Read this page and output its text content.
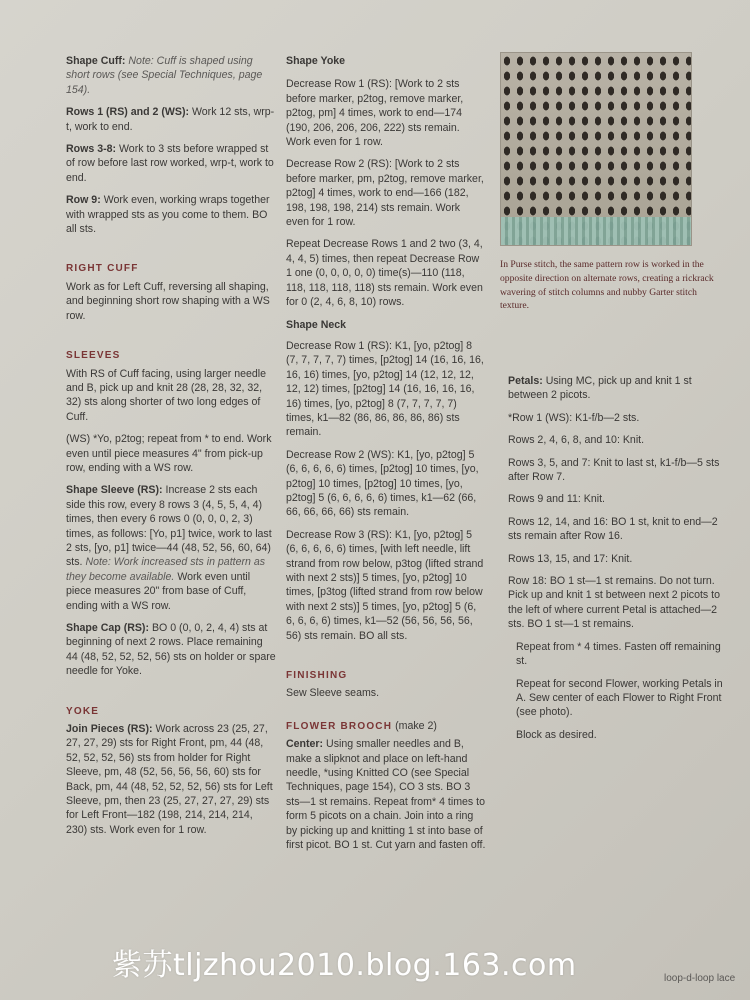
Shape Cuff: Note: Cuff is shaped using short rows (see Special Techniques, page 154).

Rows 1 (RS) and 2 (WS): Work 12 sts, wrp-t, work to end.

Rows 3-8: Work to 3 sts before wrapped st of row before last row worked, wrp-t, work to end.

Row 9: Work even, working wraps together with wrapped sts as you come to them. BO all sts.

RIGHT CUFF

Work as for Left Cuff, reversing all shaping, and beginning short row shaping with a WS row.

SLEEVES

With RS of Cuff facing, using larger needle and B, pick up and knit 28 (28, 28, 32, 32, 32) sts along shorter of two long edges of Cuff.

(WS) *Yo, p2tog; repeat from * to end. Work even until piece measures 4" from pick-up row, ending with a WS row.

Shape Sleeve (RS): Increase 2 sts each side this row, every 8 rows 3 (4, 5, 5, 4, 4) times, then every 6 rows 0 (0, 0, 0, 2, 3) times, as follows: [Yo, p1] twice, work to last 2 sts, [yo, p1] twice—44 (48, 52, 56, 60, 64) sts. Note: Work increased sts in pattern as they become available. Work even until piece measures 20" from base of Cuff, ending with a WS row.

Shape Cap (RS): BO 0 (0, 0, 2, 4, 4) sts at beginning of next 2 rows. Place remaining 44 (48, 52, 52, 52, 56) sts on holder or spare needle for Yoke.

YOKE

Join Pieces (RS): Work across 23 (25, 27, 27, 27, 29) sts for Right Front, pm, 44 (48, 52, 52, 52, 56) sts from holder for Right Sleeve, pm, 48 (52, 56, 56, 56, 60) sts for Back, pm, 44 (48, 52, 52, 52, 56) sts for Left Sleeve, pm, then 23 (25, 27, 27, 27, 29) sts for Left Front—182 (198, 214, 214, 214, 230) sts. Work even for 1 row.

Shape Yoke

Decrease Row 1 (RS): [Work to 2 sts before marker, p2tog, remove marker, p2tog, pm] 4 times, work to end—174 (190, 206, 206, 206, 222) sts remain. Work even for 1 row.

Decrease Row 2 (RS): [Work to 2 sts before marker, pm, p2tog, remove marker, p2tog] 4 times, work to end—166 (182, 198, 198, 198, 214) sts remain. Work even for 1 row.

Repeat Decrease Rows 1 and 2 two (3, 4, 4, 4, 5) times, then repeat Decrease Row 1 one (0, 0, 0, 0, 0) time(s)—110 (118, 118, 118, 118, 118) sts remain. Work even for 0 (2, 4, 6, 8, 10) rows.

Shape Neck

Decrease Row 1 (RS): K1, [yo, p2tog] 8 (7, 7, 7, 7, 7) times, [p2tog] 14 (16, 16, 16, 16, 16) times, [yo, p2tog] 14 (12, 12, 12, 12, 12) times, [p2tog] 14 (16, 16, 16, 16, 16) times, [yo, p2tog] 8 (7, 7, 7, 7, 7) times, k1—82 (86, 86, 86, 86, 86) sts remain.

Decrease Row 2 (WS): K1, [yo, p2tog] 5 (6, 6, 6, 6, 6) times, [p2tog] 10 times, [yo, p2tog] 10 times, [p2tog] 10 times, [yo, p2tog] 5 (6, 6, 6, 6, 6) times, k1—62 (66, 66, 66, 66, 66) sts remain.

Decrease Row 3 (RS): K1, [yo, p2tog] 5 (6, 6, 6, 6, 6) times, [with left needle, lift strand from row below, p3tog (lifted strand with next 2 sts)] 5 times, [yo, p2tog] 10 times, [p3tog (lifted strand from row below with next 2 sts)] 5 times, [yo, p2tog] 5 (6, 6, 6, 6, 6) times, k1—52 (56, 56, 56, 56, 56) sts remain. BO all sts.

FINISHING

Sew Sleeve seams.

FLOWER BROOCH (make 2)

Center: Using smaller needles and B, make a slipknot and place on left-hand needle, *using Knitted CO (see Special Techniques, page 154), CO 3 sts. BO 3 sts—1 st remains. Repeat from* 4 times to form 5 picots on a chain. Join into a ring by picking up and knitting 1 st into base of first picot. BO 1 st. Cut yarn and fasten off.

In Purse stitch, the same pattern row is worked in the opposite direction on alternate rows, creating a rickrack wavering of stitch columns and nubby Garter stitch texture.

Petals: Using MC, pick up and knit 1 st between 2 picots.

*Row 1 (WS): K1-f/b—2 sts.

Rows 2, 4, 6, 8, and 10: Knit.

Rows 3, 5, and 7: Knit to last st, k1-f/b—5 sts after Row 7.

Rows 9 and 11: Knit.

Rows 12, 14, and 16: BO 1 st, knit to end—2 sts remain after Row 16.

Rows 13, 15, and 17: Knit.

Row 18: BO 1 st—1 st remains. Do not turn. Pick up and knit 1 st between next 2 picots to the left of where current Petal is attached—2 sts. BO 1 st—1 st remains.

Repeat from * 4 times. Fasten off remaining st.

Repeat for second Flower, working Petals in A. Sew center of each Flower to Right Front (see photo).

Block as desired.

紫苏tljzhou2010.blog.163.com	loop-d-loop lace
